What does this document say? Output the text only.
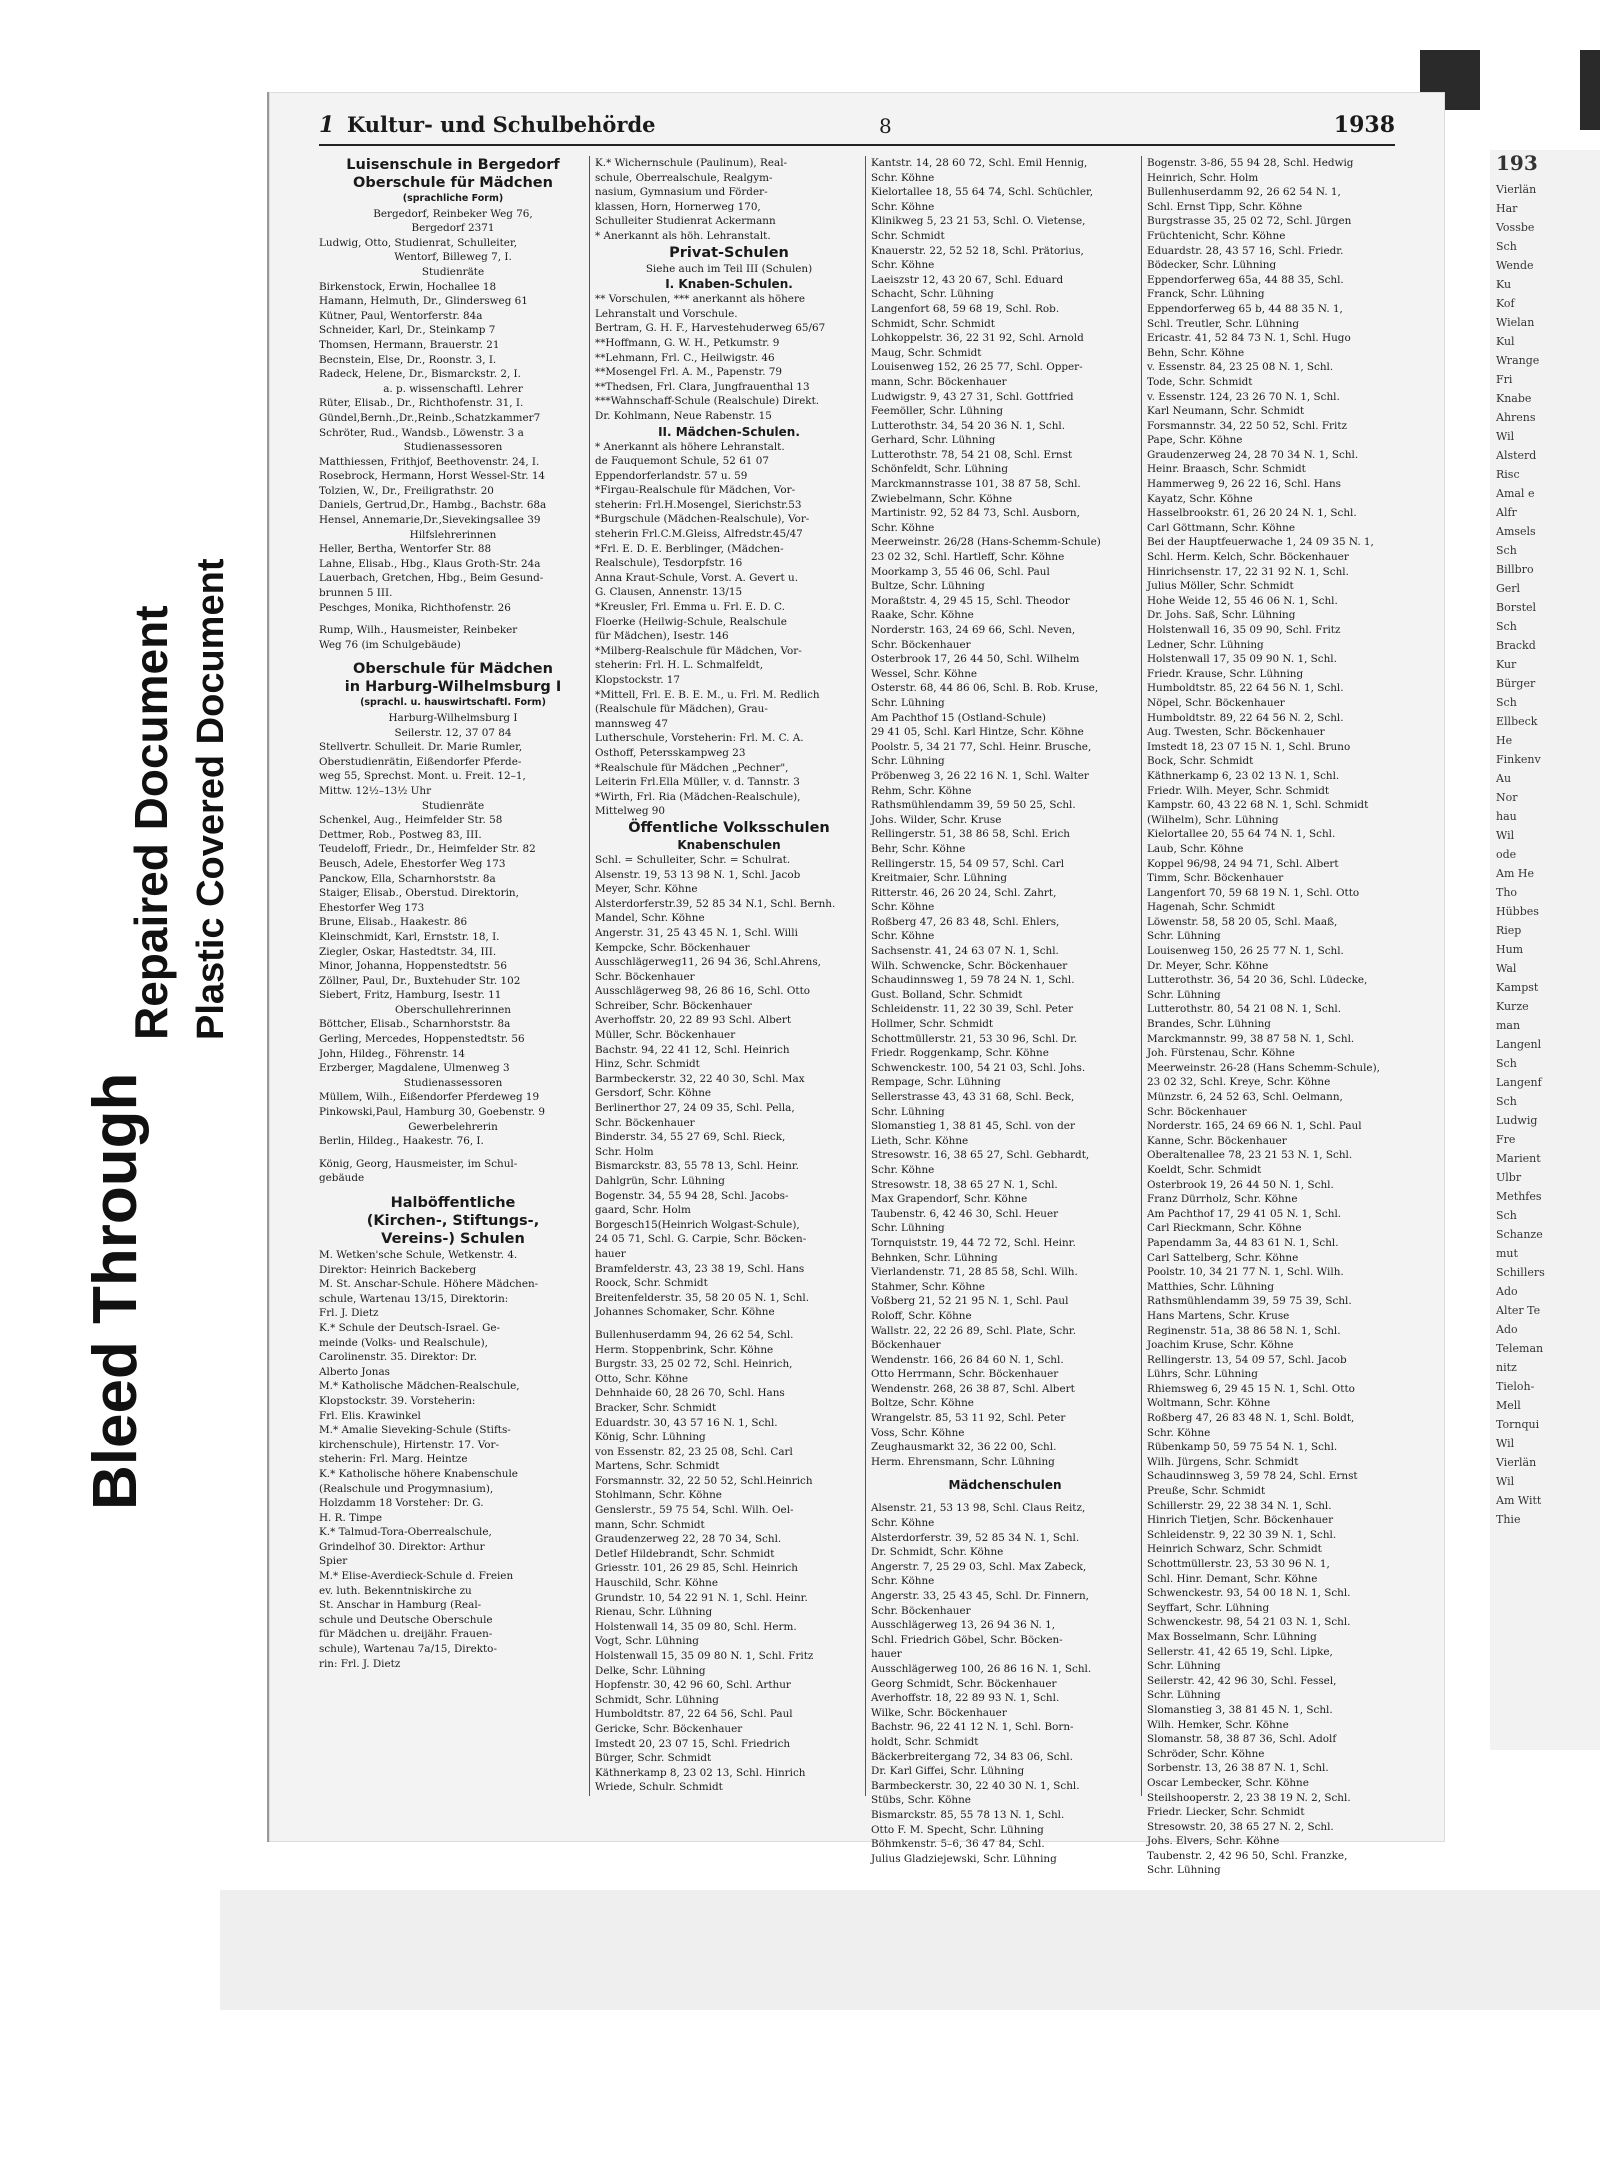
193
Vierlän
Har
Vossbe
Sch
Wende
Ku
Kof
Wielan
Kul
Wrange
Fri
Knabe
Ahrens
Wil
Alsterd
Risc
Amal e
Alfr
Amsels
Sch
Billbro
Gerl
Borstel
Sch
Brackd
Kur
Bürger
Sch
Ellbeck
He
Finkenv
Au
Nor
hau
Wil
ode
Am He
Tho
Hübbes
Riep
Hum
Wal
Kampst
Kurze
man
Langenl
Sch
Langenf
Sch
Ludwig
Fre
Marient
Ulbr
Methfes
Sch
Schanze
mut
Schillers
Ado
Alter Te
Ado
Teleman
nitz
Tieloh-
Mell
Tornqui
Wil
Vierlän
Wil
Am Witt
Thie
Bleed Through
Repaired Document Plastic Covered Document
1 Kultur- und Schulbehörde	8	1938
Luisenschule in Bergedorf
Oberschule für Mädchen
(sprachliche Form)
Bergedorf, Reinbeker Weg 76,
Bergedorf 2371
Ludwig, Otto, Studienrat, Schulleiter,
Wentorf, Billeweg 7, I.
Studienräte
Birkenstock, Erwin, Hochallee 18
Hamann, Helmuth, Dr., Glindersweg 61
Kütner, Paul, Wentorferstr. 84a
Schneider, Karl, Dr., Steinkamp 7
Thomsen, Hermann, Brauerstr. 21
Becnstein, Else, Dr., Roonstr. 3, I.
Radeck, Helene, Dr., Bismarckstr. 2, I.
a. p. wissenschaftl. Lehrer
Rüter, Elisab., Dr., Richthofenstr. 31, I.
Gündel,Bernh.,Dr.,Reinb.,Schatzkammer7
Schröter, Rud., Wandsb., Löwenstr. 3 a
Studienassessoren
Matthiessen, Frithjof, Beethovenstr. 24, I.
Rosebrock, Hermann, Horst Wessel-Str. 14
Tolzien, W., Dr., Freiligrathstr. 20
Daniels, Gertrud,Dr., Hambg., Bachstr. 68a
Hensel, Annemarie,Dr.,Sievekingsallee 39
Hilfslehrerinnen
Heller, Bertha, Wentorfer Str. 88
Lahne, Elisab., Hbg., Klaus Groth-Str. 24a
Lauerbach, Gretchen, Hbg., Beim Gesund-
brunnen 5 III.
Peschges, Monika, Richthofenstr. 26
Rump, Wilh., Hausmeister, Reinbeker
Weg 76 (im Schulgebäude)
Oberschule für Mädchen
in Harburg-Wilhelmsburg I
(sprachl. u. hauswirtschaftl. Form)
Harburg-Wilhelmsburg I
Seilerstr. 12, 37 07 84
Stellvertr. Schulleit. Dr. Marie Rumler,
Oberstudienrätin, Eißendorfer Pferde-
weg 55, Sprechst. Mont. u. Freit. 12–1,
Mittw. 12½–13½ Uhr
Studienräte
Schenkel, Aug., Heimfelder Str. 58
Dettmer, Rob., Postweg 83, III.
Teudeloff, Friedr., Dr., Heimfelder Str. 82
Beusch, Adele, Ehestorfer Weg 173
Panckow, Ella, Scharnhorststr. 8a
Staiger, Elisab., Oberstud. Direktorin,
Ehestorfer Weg 173
Brune, Elisab., Haakestr. 86
Kleinschmidt, Karl, Ernststr. 18, I.
Ziegler, Oskar, Hastedtstr. 34, III.
Minor, Johanna, Hoppenstedtstr. 56
Zöllner, Paul, Dr., Buxtehuder Str. 102
Siebert, Fritz, Hamburg, Isestr. 11
Oberschullehrerinnen
Böttcher, Elisab., Scharnhorststr. 8a
Gerling, Mercedes, Hoppenstedtstr. 56
John, Hildeg., Föhrenstr. 14
Erzberger, Magdalene, Ulmenweg 3
Studienassessoren
Müllem, Wilh., Eißendorfer Pferdeweg 19
Pinkowski,Paul, Hamburg 30, Goebenstr. 9
Gewerbelehrerin
Berlin, Hildeg., Haakestr. 76, I.
König, Georg, Hausmeister, im Schul-
gebäude
Halböffentliche
(Kirchen-, Stiftungs-,
Vereins-) Schulen
M. Wetken'sche Schule, Wetkenstr. 4.
Direktor: Heinrich Backeberg
M. St. Anschar-Schule. Höhere Mädchen-
schule, Wartenau 13/15, Direktorin:
Frl. J. Dietz
K.* Schule der Deutsch-Israel. Ge-
meinde (Volks- und Realschule),
Carolinenstr. 35. Direktor: Dr.
Alberto Jonas
M.* Katholische Mädchen-Realschule,
Klopstockstr. 39. Vorsteherin:
Frl. Elis. Krawinkel
M.* Amalie Sieveking-Schule (Stifts-
kirchenschule), Hirtenstr. 17. Vor-
steherin: Frl. Marg. Heintze
K.* Katholische höhere Knabenschule
(Realschule und Progymnasium),
Holzdamm 18 Vorsteher: Dr. G.
H. R. Timpe
K.* Talmud-Tora-Oberrealschule,
Grindelhof 30. Direktor: Arthur
Spier
M.* Elise-Averdieck-Schule d. Freien
ev. luth. Bekenntniskirche zu
St. Anschar in Hamburg (Real-
schule und Deutsche Oberschule
für Mädchen u. dreijähr. Frauen-
schule), Wartenau 7a/15, Direkto-
rin: Frl. J. Dietz
K.* Wichernschule (Paulinum), Real-
schule, Oberrealschule, Realgym-
nasium, Gymnasium und Förder-
klassen, Horn, Hornerweg 170,
Schulleiter Studienrat Ackermann
* Anerkannt als höh. Lehranstalt.
Privat-Schulen
Siehe auch im Teil III (Schulen)
I. Knaben-Schulen.
** Vorschulen, *** anerkannt als höhere
Lehranstalt und Vorschule.
Bertram, G. H. F., Harvestehuderweg 65/67
**Hoffmann, G. W. H., Petkumstr. 9
**Lehmann, Frl. C., Heilwigstr. 46
**Mosengel Frl. A. M., Papenstr. 79
**Thedsen, Frl. Clara, Jungfrauenthal 13
***Wahnschaff-Schule (Realschule) Direkt.
Dr. Kohlmann, Neue Rabenstr. 15
II. Mädchen-Schulen.
* Anerkannt als höhere Lehranstalt.
de Fauquemont Schule, 52 61 07
Eppendorferlandstr. 57 u. 59
*Firgau-Realschule für Mädchen, Vor-
steherin: Frl.H.Mosengel, Sierichstr.53
*Burgschule (Mädchen-Realschule), Vor-
steherin Frl.C.M.Gleiss, Alfredstr.45/47
*Frl. E. D. E. Berblinger, (Mädchen-
Realschule), Tesdorpfstr. 16
Anna Kraut-Schule, Vorst. A. Gevert u.
G. Clausen, Annenstr. 13/15
*Kreusler, Frl. Emma u. Frl. E. D. C.
Floerke (Heilwig-Schule, Realschule
für Mädchen), Isestr. 146
*Milberg-Realschule für Mädchen, Vor-
steherin: Frl. H. L. Schmalfeldt,
Klopstockstr. 17
*Mittell, Frl. E. B. E. M., u. Frl. M. Redlich
(Realschule für Mädchen), Grau-
mannsweg 47
Lutherschule, Vorsteherin: Frl. M. C. A.
Osthoff, Petersskampweg 23
*Realschule für Mädchen „Pechner",
Leiterin Frl.Ella Müller, v. d. Tannstr. 3
*Wirth, Frl. Ria (Mädchen-Realschule),
Mittelweg 90
Öffentliche Volksschulen
Knabenschulen
Schl. = Schulleiter, Schr. = Schulrat.
Alsenstr. 19, 53 13 98 N. 1, Schl. Jacob
Meyer, Schr. Köhne
Alsterdorferstr.39, 52 85 34 N.1, Schl. Bernh.
Mandel, Schr. Köhne
Angerstr. 31, 25 43 45 N. 1, Schl. Willi
Kempcke, Schr. Böckenhauer
Ausschlägerweg11, 26 94 36, Schl.Ahrens,
Schr. Böckenhauer
Ausschlägerweg 98, 26 86 16, Schl. Otto
Schreiber, Schr. Böckenhauer
Averhoffstr. 20, 22 89 93 Schl. Albert
Müller, Schr. Böckenhauer
Bachstr. 94, 22 41 12, Schl. Heinrich
Hinz, Schr. Schmidt
Barmbeckerstr. 32, 22 40 30, Schl. Max
Gersdorf, Schr. Köhne
Berlinerthor 27, 24 09 35, Schl. Pella,
Schr. Böckenhauer
Binderstr. 34, 55 27 69, Schl. Rieck,
Schr. Holm
Bismarckstr. 83, 55 78 13, Schl. Heinr.
Dahlgrün, Schr. Lühning
Bogenstr. 34, 55 94 28, Schl. Jacobs-
gaard, Schr. Holm
Borgesch15(Heinrich Wolgast-Schule),
24 05 71, Schl. G. Carpie, Schr. Böcken-
hauer
Bramfelderstr. 43, 23 38 19, Schl. Hans
Roock, Schr. Schmidt
Breitenfelderstr. 35, 58 20 05 N. 1, Schl.
Johannes Schomaker, Schr. Köhne
Bullenhuserdamm 94, 26 62 54, Schl.
Herm. Stoppenbrink, Schr. Köhne
Burgstr. 33, 25 02 72, Schl. Heinrich,
Otto, Schr. Köhne
Dehnhaide 60, 28 26 70, Schl. Hans
Bracker, Schr. Schmidt
Eduardstr. 30, 43 57 16 N. 1, Schl.
König, Schr. Lühning
von Essenstr. 82, 23 25 08, Schl. Carl
Martens, Schr. Schmidt
Forsmannstr. 32, 22 50 52, Schl.Heinrich
Stohlmann, Schr. Köhne
Genslerstr., 59 75 54, Schl. Wilh. Oel-
mann, Schr. Schmidt
Graudenzerweg 22, 28 70 34, Schl.
Detlef Hildebrandt, Schr. Schmidt
Griesstr. 101, 26 29 85, Schl. Heinrich
Hauschild, Schr. Köhne
Grundstr. 10, 54 22 91 N. 1, Schl. Heinr.
Rienau, Schr. Lühning
Holstenwall 14, 35 09 80, Schl. Herm.
Vogt, Schr. Lühning
Holstenwall 15, 35 09 80 N. 1, Schl. Fritz
Delke, Schr. Lühning
Hopfenstr. 30, 42 96 60, Schl. Arthur
Schmidt, Schr. Lühning
Humboldtstr. 87, 22 64 56, Schl. Paul
Gericke, Schr. Böckenhauer
Imstedt 20, 23 07 15, Schl. Friedrich
Bürger, Schr. Schmidt
Käthnerkamp 8, 23 02 13, Schl. Hinrich
Wriede, Schulr. Schmidt
Kantstr. 14, 28 60 72, Schl. Emil Hennig,
Schr. Köhne
Kielortallee 18, 55 64 74, Schl. Schüchler,
Schr. Köhne
Klinikweg 5, 23 21 53, Schl. O. Vietense,
Schr. Schmidt
Knauerstr. 22, 52 52 18, Schl. Prätorius,
Schr. Köhne
Laeiszstr 12, 43 20 67, Schl. Eduard
Schacht, Schr. Lühning
Langenfort 68, 59 68 19, Schl. Rob.
Schmidt, Schr. Schmidt
Lohkoppelstr. 36, 22 31 92, Schl. Arnold
Maug, Schr. Schmidt
Louisenweg 152, 26 25 77, Schl. Opper-
mann, Schr. Böckenhauer
Ludwigstr. 9, 43 27 31, Schl. Gottfried
Feemöller, Schr. Lühning
Lutterothstr. 34, 54 20 36 N. 1, Schl.
Gerhard, Schr. Lühning
Lutterothstr. 78, 54 21 08, Schl. Ernst
Schönfeldt, Schr. Lühning
Marckmannstrasse 101, 38 87 58, Schl.
Zwiebelmann, Schr. Köhne
Martinistr. 92, 52 84 73, Schl. Ausborn,
Schr. Köhne
Meerweinstr. 26/28 (Hans-Schemm-Schule)
23 02 32, Schl. Hartleff, Schr. Köhne
Moorkamp 3, 55 46 06, Schl. Paul
Bultze, Schr. Lühning
Moraßtstr. 4, 29 45 15, Schl. Theodor
Raake, Schr. Köhne
Norderstr. 163, 24 69 66, Schl. Neven,
Schr. Böckenhauer
Osterbrook 17, 26 44 50, Schl. Wilhelm
Wessel, Schr. Köhne
Osterstr. 68, 44 86 06, Schl. B. Rob. Kruse,
Schr. Lühning
Am Pachthof 15 (Ostland-Schule)
29 41 05, Schl. Karl Hintze, Schr. Köhne
Poolstr. 5, 34 21 77, Schl. Heinr. Brusche,
Schr. Lühning
Pröbenweg 3, 26 22 16 N. 1, Schl. Walter
Rehm, Schr. Köhne
Rathsmühlendamm 39, 59 50 25, Schl.
Johs. Wilder, Schr. Kruse
Rellingerstr. 51, 38 86 58, Schl. Erich
Behr, Schr. Köhne
Rellingerstr. 15, 54 09 57, Schl. Carl
Kreitmaier, Schr. Lühning
Ritterstr. 46, 26 20 24, Schl. Zahrt,
Schr. Köhne
Roßberg 47, 26 83 48, Schl. Ehlers,
Schr. Köhne
Sachsenstr. 41, 24 63 07 N. 1, Schl.
Wilh. Schwencke, Schr. Böckenhauer
Schaudinnsweg 1, 59 78 24 N. 1, Schl.
Gust. Bolland, Schr. Schmidt
Schleidenstr. 11, 22 30 39, Schl. Peter
Hollmer, Schr. Schmidt
Schottmüllerstr. 21, 53 30 96, Schl. Dr.
Friedr. Roggenkamp, Schr. Köhne
Schwenckestr. 100, 54 21 03, Schl. Johs.
Rempage, Schr. Lühning
Sellerstrasse 43, 43 31 68, Schl. Beck,
Schr. Lühning
Slomanstieg 1, 38 81 45, Schl. von der
Lieth, Schr. Köhne
Stresowstr. 16, 38 65 27, Schl. Gebhardt,
Schr. Köhne
Stresowstr. 18, 38 65 27 N. 1, Schl.
Max Grapendorf, Schr. Köhne
Taubenstr. 6, 42 46 30, Schl. Heuer
Schr. Lühning
Tornquiststr. 19, 44 72 72, Schl. Heinr.
Behnken, Schr. Lühning
Vierlandenstr. 71, 28 85 58, Schl. Wilh.
Stahmer, Schr. Köhne
Voßberg 21, 52 21 95 N. 1, Schl. Paul
Roloff, Schr. Köhne
Wallstr. 22, 22 26 89, Schl. Plate, Schr.
Böckenhauer
Wendenstr. 166, 26 84 60 N. 1, Schl.
Otto Herrmann, Schr. Böckenhauer
Wendenstr. 268, 26 38 87, Schl. Albert
Boltze, Schr. Köhne
Wrangelstr. 85, 53 11 92, Schl. Peter
Voss, Schr. Köhne
Zeughausmarkt 32, 36 22 00, Schl.
Herm. Ehrensmann, Schr. Lühning
Mädchenschulen
Alsenstr. 21, 53 13 98, Schl. Claus Reitz,
Schr. Köhne
Alsterdorferstr. 39, 52 85 34 N. 1, Schl.
Dr. Schmidt, Schr. Köhne
Angerstr. 7, 25 29 03, Schl. Max Zabeck,
Schr. Köhne
Angerstr. 33, 25 43 45, Schl. Dr. Finnern,
Schr. Böckenhauer
Ausschlägerweg 13, 26 94 36 N. 1,
Schl. Friedrich Göbel, Schr. Böcken-
hauer
Ausschlägerweg 100, 26 86 16 N. 1, Schl.
Georg Schmidt, Schr. Böckenhauer
Averhoffstr. 18, 22 89 93 N. 1, Schl.
Wilke, Schr. Böckenhauer
Bachstr. 96, 22 41 12 N. 1, Schl. Born-
holdt, Schr. Schmidt
Bäckerbreitergang 72, 34 83 06, Schl.
Dr. Karl Giffei, Schr. Lühning
Barmbeckerstr. 30, 22 40 30 N. 1, Schl.
Stübs, Schr. Köhne
Bismarckstr. 85, 55 78 13 N. 1, Schl.
Otto F. M. Specht, Schr. Lühning
Böhmkenstr. 5–6, 36 47 84, Schl.
Julius Gladziejewski, Schr. Lühning
Bogenstr. 3-86, 55 94 28, Schl. Hedwig
Heinrich, Schr. Holm
Bullenhuserdamm 92, 26 62 54 N. 1,
Schl. Ernst Tipp, Schr. Köhne
Burgstrasse 35, 25 02 72, Schl. Jürgen
Früchtenicht, Schr. Köhne
Eduardstr. 28, 43 57 16, Schl. Friedr.
Bödecker, Schr. Lühning
Eppendorferweg 65a, 44 88 35, Schl.
Franck, Schr. Lühning
Eppendorferweg 65 b, 44 88 35 N. 1,
Schl. Treutler, Schr. Lühning
Ericastr. 41, 52 84 73 N. 1, Schl. Hugo
Behn, Schr. Köhne
v. Essenstr. 84, 23 25 08 N. 1, Schl.
Tode, Schr. Schmidt
v. Essenstr. 124, 23 26 70 N. 1, Schl.
Karl Neumann, Schr. Schmidt
Forsmannstr. 34, 22 50 52, Schl. Fritz
Pape, Schr. Köhne
Graudenzerweg 24, 28 70 34 N. 1, Schl.
Heinr. Braasch, Schr. Schmidt
Hammerweg 9, 26 22 16, Schl. Hans
Kayatz, Schr. Köhne
Hasselbrookstr. 61, 26 20 24 N. 1, Schl.
Carl Göttmann, Schr. Köhne
Bei der Hauptfeuerwache 1, 24 09 35 N. 1,
Schl. Herm. Kelch, Schr. Böckenhauer
Hinrichsenstr. 17, 22 31 92 N. 1, Schl.
Julius Möller, Schr. Schmidt
Hohe Weide 12, 55 46 06 N. 1, Schl.
Dr. Johs. Saß, Schr. Lühning
Holstenwall 16, 35 09 90, Schl. Fritz
Ledner, Schr. Lühning
Holstenwall 17, 35 09 90 N. 1, Schl.
Friedr. Krause, Schr. Lühning
Humboldtstr. 85, 22 64 56 N. 1, Schl.
Nöpel, Schr. Böckenhauer
Humboldtstr. 89, 22 64 56 N. 2, Schl.
Aug. Twesten, Schr. Böckenhauer
Imstedt 18, 23 07 15 N. 1, Schl. Bruno
Bock, Schr. Schmidt
Käthnerkamp 6, 23 02 13 N. 1, Schl.
Friedr. Wilh. Meyer, Schr. Schmidt
Kampstr. 60, 43 22 68 N. 1, Schl. Schmidt
(Wilhelm), Schr. Lühning
Kielortallee 20, 55 64 74 N. 1, Schl.
Laub, Schr. Köhne
Koppel 96/98, 24 94 71, Schl. Albert
Timm, Schr. Böckenhauer
Langenfort 70, 59 68 19 N. 1, Schl. Otto
Hagenah, Schr. Schmidt
Löwenstr. 58, 58 20 05, Schl. Maaß,
Schr. Lühning
Louisenweg 150, 26 25 77 N. 1, Schl.
Dr. Meyer, Schr. Köhne
Lutterothstr. 36, 54 20 36, Schl. Lüdecke,
Schr. Lühning
Lutterothstr. 80, 54 21 08 N. 1, Schl.
Brandes, Schr. Lühning
Marckmannstr. 99, 38 87 58 N. 1, Schl.
Joh. Fürstenau, Schr. Köhne
Meerweinstr. 26-28 (Hans Schemm-Schule),
23 02 32, Schl. Kreye, Schr. Köhne
Münzstr. 6, 24 52 63, Schl. Oelmann,
Schr. Böckenhauer
Norderstr. 165, 24 69 66 N. 1, Schl. Paul
Kanne, Schr. Böckenhauer
Oberaltenallee 78, 23 21 53 N. 1, Schl.
Koeldt, Schr. Schmidt
Osterbrook 19, 26 44 50 N. 1, Schl.
Franz Dürrholz, Schr. Köhne
Am Pachthof 17, 29 41 05 N. 1, Schl.
Carl Rieckmann, Schr. Köhne
Papendamm 3a, 44 83 61 N. 1, Schl.
Carl Sattelberg, Schr. Köhne
Poolstr. 10, 34 21 77 N. 1, Schl. Wilh.
Matthies, Schr. Lühning
Rathsmühlendamm 39, 59 75 39, Schl.
Hans Martens, Schr. Kruse
Reginenstr. 51a, 38 86 58 N. 1, Schl.
Joachim Kruse, Schr. Köhne
Rellingerstr. 13, 54 09 57, Schl. Jacob
Lührs, Schr. Lühning
Rhiemsweg 6, 29 45 15 N. 1, Schl. Otto
Woltmann, Schr. Köhne
Roßberg 47, 26 83 48 N. 1, Schl. Boldt,
Schr. Köhne
Rübenkamp 50, 59 75 54 N. 1, Schl.
Wilh. Jürgens, Schr. Schmidt
Schaudinnsweg 3, 59 78 24, Schl. Ernst
Preuße, Schr. Schmidt
Schillerstr. 29, 22 38 34 N. 1, Schl.
Hinrich Tietjen, Schr. Böckenhauer
Schleidenstr. 9, 22 30 39 N. 1, Schl.
Heinrich Schwarz, Schr. Schmidt
Schottmüllerstr. 23, 53 30 96 N. 1,
Schl. Hinr. Demant, Schr. Köhne
Schwenckestr. 93, 54 00 18 N. 1, Schl.
Seyffart, Schr. Lühning
Schwenckestr. 98, 54 21 03 N. 1, Schl.
Max Bosselmann, Schr. Lühning
Sellerstr. 41, 42 65 19, Schl. Lipke,
Schr. Lühning
Seilerstr. 42, 42 96 30, Schl. Fessel,
Schr. Lühning
Slomanstieg 3, 38 81 45 N. 1, Schl.
Wilh. Hemker, Schr. Köhne
Slomanstr. 58, 38 87 36, Schl. Adolf
Schröder, Schr. Köhne
Sorbenstr. 13, 26 38 87 N. 1, Schl.
Oscar Lembecker, Schr. Köhne
Steilshooperstr. 2, 23 38 19 N. 2, Schl.
Friedr. Liecker, Schr. Schmidt
Stresowstr. 20, 38 65 27 N. 2, Schl.
Johs. Elvers, Schr. Köhne
Taubenstr. 2, 42 96 50, Schl. Franzke,
Schr. Lühning
